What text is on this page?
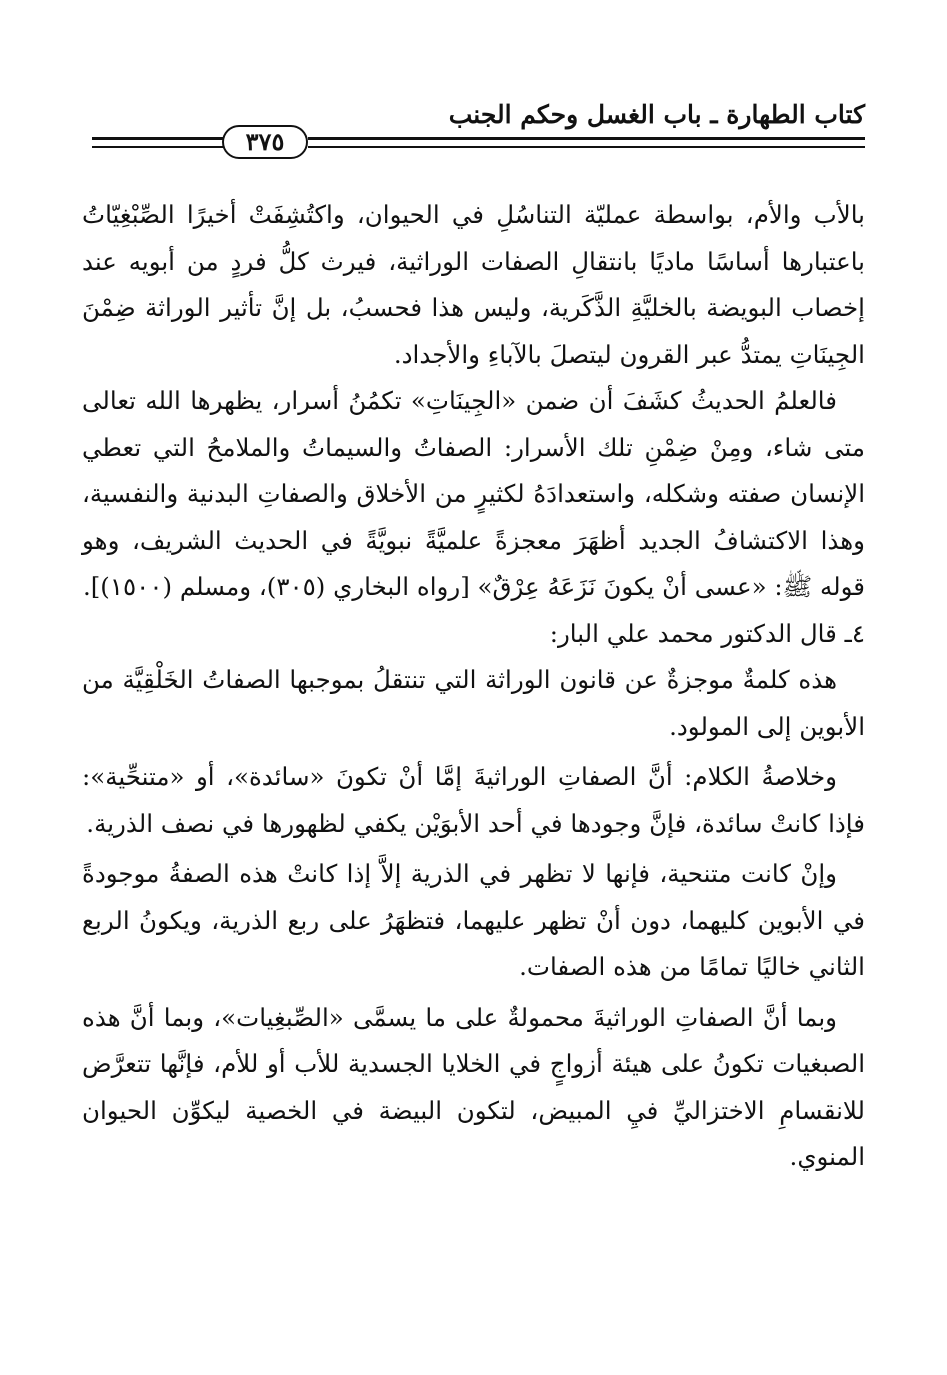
كتاب الطهارة ـ باب الغسل وحكم الجنب
٣٧٥

بالأب والأم، بواسطة عمليّة التناسُلِ في الحيوان، واكتُشِفَتْ أخيرًا الصِّبْغِيّاتُ باعتبارها أساسًا ماديًا بانتقالِ الصفات الوراثية، فيرث كلُّ فردٍ من أبويه عند إخصاب البويضة بالخليَّةِ الذَّكَرية، وليس هذا فحسبُ، بل إنَّ تأثير الوراثة ضِمْنَ الجِينَاتِ يمتدُّ عبر القرون ليتصلَ بالآباءِ والأجداد.

فالعلمُ الحديثُ كشَفَ أن ضمن «الجِينَاتِ» تكمُنُ أسرار، يظهرها الله تعالى متى شاء، ومِنْ ضِمْنِ تلك الأسرار: الصفاتُ والسيماتُ والملامحُ التي تعطي الإنسان صفته وشكله، واستعدادَهُ لكثيرٍ من الأخلاق والصفاتِ البدنية والنفسية، وهذا الاكتشافُ الجديد أظهَرَ معجزةً علميَّةً نبويَّةً في الحديث الشريف، وهو قوله ﷺ: «عسى أنْ يكونَ نَزَعَهُ عِرْقٌ» [رواه البخاري (٣٠٥)، ومسلم (١٥٠٠)].

٤ـ قال الدكتور محمد علي البار:

هذه كلمةٌ موجزةٌ عن قانون الوراثة التي تنتقلُ بموجبها الصفاتُ الخَلْقِيَّة من الأبوين إلى المولود.

وخلاصةُ الكلام: أنَّ الصفاتِ الوراثيةَ إمَّا أنْ تكونَ «سائدة»، أو «متنحِّية»: فإذا كانتْ سائدة، فإنَّ وجودها في أحد الأبوَيْن يكفي لظهورها في نصف الذرية.

وإنْ كانت متنحية، فإنها لا تظهر في الذرية إلاَّ إذا كانتْ هذه الصفةُ موجودةً في الأبوين كليهما، دون أنْ تظهر عليهما، فتظهَرُ على ربع الذرية، ويكونُ الربع الثاني خاليًا تمامًا من هذه الصفات.

وبما أنَّ الصفاتِ الوراثيةَ محمولةٌ على ما يسمَّى «الصِّبغِيات»، وبما أنَّ هذه الصبغيات تكونُ على هيئة أزواجٍ في الخلايا الجسدية للأب أو للأم، فإنَّها تتعرَّض للانقسامِ الاختزاليِّ فيِ المبيض، لتكون البيضة في الخصية ليكوِّن الحيوان المنوي.
